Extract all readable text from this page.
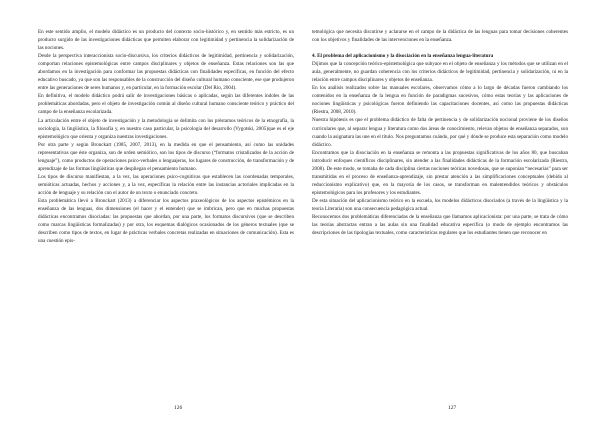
En este sentido amplio, el modelo didáctico es un producto del contexto socio-histórico y, en sentido más estricto, es un producto surgido de las investigaciones didácticas que permiten elaborar con legitimidad y pertinencia la solidarización de las nociones.

Desde la perspectiva interaccionista socio-discursiva, los criterios didácticos de legitimidad, pertinencia y solidarización, comportan relaciones epistemológicas entre campos disciplinares y objetos de enseñanza. Estas relaciones son las que abordamos en la investigación para conformar las propuestas didácticas con finalidades específicas, en función del efecto educativo buscado, ya que son las responsables de la construcción del diseño cultural humano consciente, ese que produjeron entre las generaciones de seres humanos y, en particular, en la formación escolar (Del Río, 2004).

En definitiva, el modelo didáctico podrá salir de investigaciones básicas o aplicadas, según las diferentes índoles de las problemáticas abordadas, pero el objeto de investigación común al diseño cultural humano consciente teórico y práctico del campo de la enseñanza escolarizada.

La articulación entre el objeto de investigación y la metodología se delimita con los préstamos teóricos de la etnografía, la sociología, la lingüística, la filosofía y, en nuestro caso particular, la psicología del desarrollo (Vygotski, 2005)que es el eje epistemológico que orienta y organiza nuestras investigaciones.

Por otra parte y según Bronckart (1985, 2007, 2013), en la medida en que el pensamiento, así como las unidades representativas que éste organiza, son de orden semiótico, son los tipos de discurso (“formatos cristalizados de la acción de lenguaje”), como productos de operaciones psico-verbales o lenguajeras, los lugares de construcción, de transformación y de aprendizaje de las formas lingüísticas que despliegan el pensamiento humano.

Los tipos de discurso manifiestan, a la vez, las operaciones psico-cognitivas que establecen las coordenadas temporales, semióticas actuadas, hechos y acciones y, a la vez, específicas la relación entre las instancias actoriales implicadas en la acción de lenguaje y su relación con el autor de un texto o enunciado concreto.

Esta problemática llevó a Bronckart (2013) a diferenciar los aspectos praxeológicos de los aspectos epistémicos en la enseñanza de las lenguas, dos dimensiones (el hacer y el entender) que se imbrican, pero que en muchas propuestas didácticas encontramos disociadas: las propuestas que abordan, por una parte, los formatos discursivos (que se describen como marcas lingüísticas formalizadas) y por otra, los esquemas dialógicos ocasionados de los géneros textuales (que se describen como tipos de textos, en lugar de prácticas verbales concretas realizadas en situaciones de comunicación). Esta es una cuestión epis-

126

temológica que necesita discutirse y aclararse en el campo de la didáctica de las lenguas para tomar decisiones coherentes con los objetivos y finalidades de las intervenciones en la enseñanza.

4. El problema del aplicacionismo y la disociación en la enseñanza lengua-literatura

Dijimos que la concepción teórico-epistemológica que subyace en el objeto de enseñanza y los métodos que se utilizan en el aula, generalmente, no guardan coherencia con los criterios didácticos de legitimidad, pertinencia y solidarización, ni en la relación entre campos disciplinares y objetos de enseñanza.

En los análisis realizados sobre las manuales escolares, observamos cómo a lo largo de décadas fueron cambiando los contenidos en la enseñanza de la lengua en función de paradigmas sucesivos, cómo estas teorías y las aplicaciones de nociones lingüísticas y psicológicas fueron definiendo las capacitaciones docentes, así como las propuestas didácticas (Riestra, 2008, 2010).

Nuestra hipótesis es que el problema didáctico de falta de pertinencia y de solidarización nocional proviene de los diseños curriculares que, al separar lengua y literatura como dos áreas de conocimiento, relevan objetos de enseñanza separados, son cuando la asignatura las une en el título. Nos preguntamos cuándo, por qué y dónde se produce esta separación como modelo didáctico.

Encontramos que la disociación en la enseñanza se remonta a las propuestas significativas de los años 80, que buscaban introducir enfoques científicos disciplinares, sin atender a las finalidades didácticas de la formación escolarizada (Riestra, 2008). De este modo, se tomaba de cada disciplina ciertas nociones teóricas novedosas, que se suponían “necesarias” para ser transmitidas en el proceso de enseñanza-aprendizaje, sin prestar atención a las simplificaciones conceptuales (debido al reduccionismo explicativo) que, en la mayoría de los casos, se transforman en malentendidos teóricos y obstáculos epistemológicos para los profesores y los estudiantes.

De esta situación del aplicacionismo teórico en la escuela, los modelos didácticos disociados (a través de la lingüística y la teoría Literaria) son una consecuencia pedagógica actual.

Reconocemos dos problemáticas diferenciadas de la enseñanza que llamamos aplicacionista: por una parte, se trata de cómo las teorías abstractas entran a las aulas sin una finalidad educativa específica (o modo de ejemplo encontramos las descripciones de las tipologías textuales, como características regulares que los estudiantes tienen que reconocer en

127
